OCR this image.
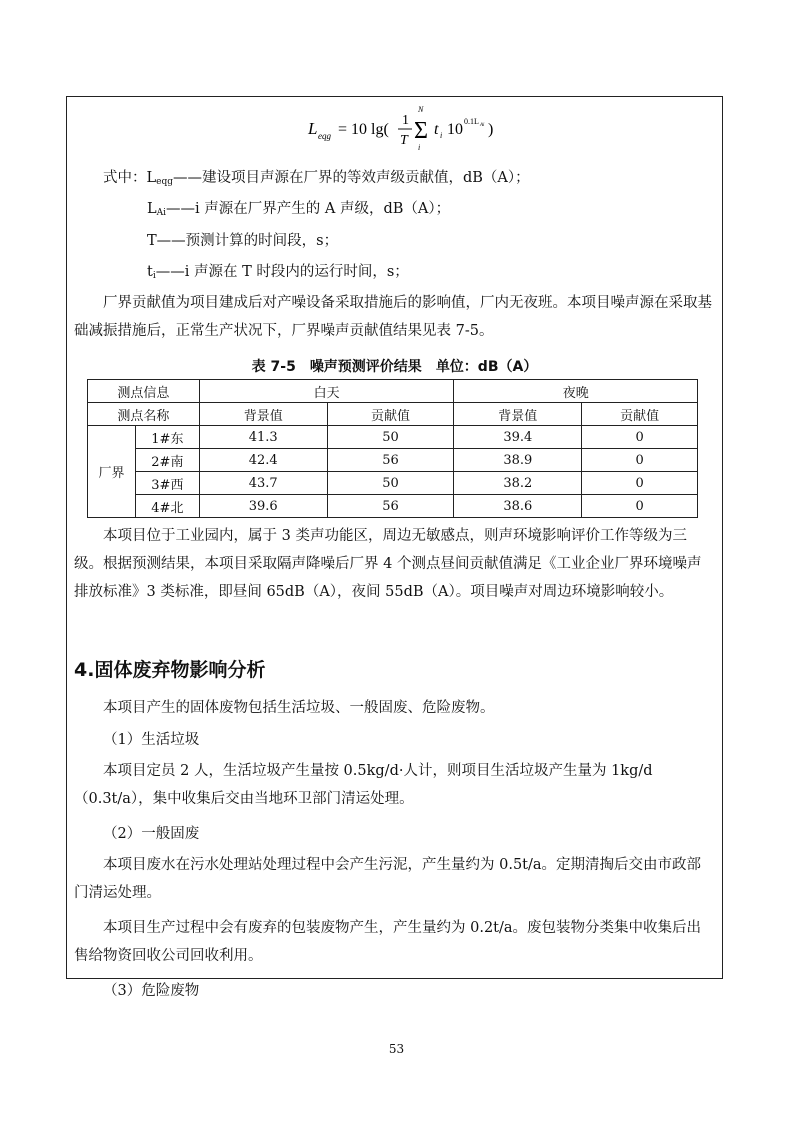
L eqg = 10 lg(
1
T
N
Σ
i
t i 10 0.1L Ai )
式中：$L_{eqg}——$建设项目声源在厂界的等效声级贡献值，dB（A）；
$L_{Ai}——i$ 声源在厂界产生的 A 声级，dB（A）；
T——预测计算的时间段，s；
$t_i——i$ 声源在 T 时段内的运行时间，s；

厂界贡献值为项目建成后对产噪设备采取措施后的影响值，厂内无夜班。本项目噪声源在采取基础减振措施后，正常生产状况下，厂界噪声贡献值结果见表 7-5。

表 7-5 噪声预测评价结果 单位：dB（A）
测点信息		白天		夜晚	
测点名称		背景值	贡献值	背景值	贡献值
厂界	1#东	41.3	50	39.4	0
	2#南	42.4	56	38.9	0
	3#西	43.7	50	38.2	0
	4#北	39.6	56	38.6	0

本项目位于工业园内，属于 3 类声功能区，周边无敏感点，则声环境影响评价工作等级为三级。根据预测结果，本项目采取隔声降噪后厂界 4 个测点昼间贡献值满足《工业企业厂界环境噪声排放标准》3 类标准，即昼间 65dB（A），夜间 55dB（A）。项目噪声对周边环境影响较小。

4.固体废弃物影响分析

本项目产生的固体废物包括生活垃圾、一般固废、危险废物。

（1）生活垃圾

本项目定员 2 人，生活垃圾产生量按 0.5kg/d·人计，则项目生活垃圾产生量为 1kg/d（0.3t/a），集中收集后交由当地环卫部门清运处理。

（2）一般固废

本项目废水在污水处理站处理过程中会产生污泥，产生量约为 0.5t/a。定期清掏后交由市政部门清运处理。

本项目生产过程中会有废弃的包装废物产生，产生量约为 0.2t/a。废包装物分类集中收集后出售给物资回收公司回收利用。

（3）危险废物

53
